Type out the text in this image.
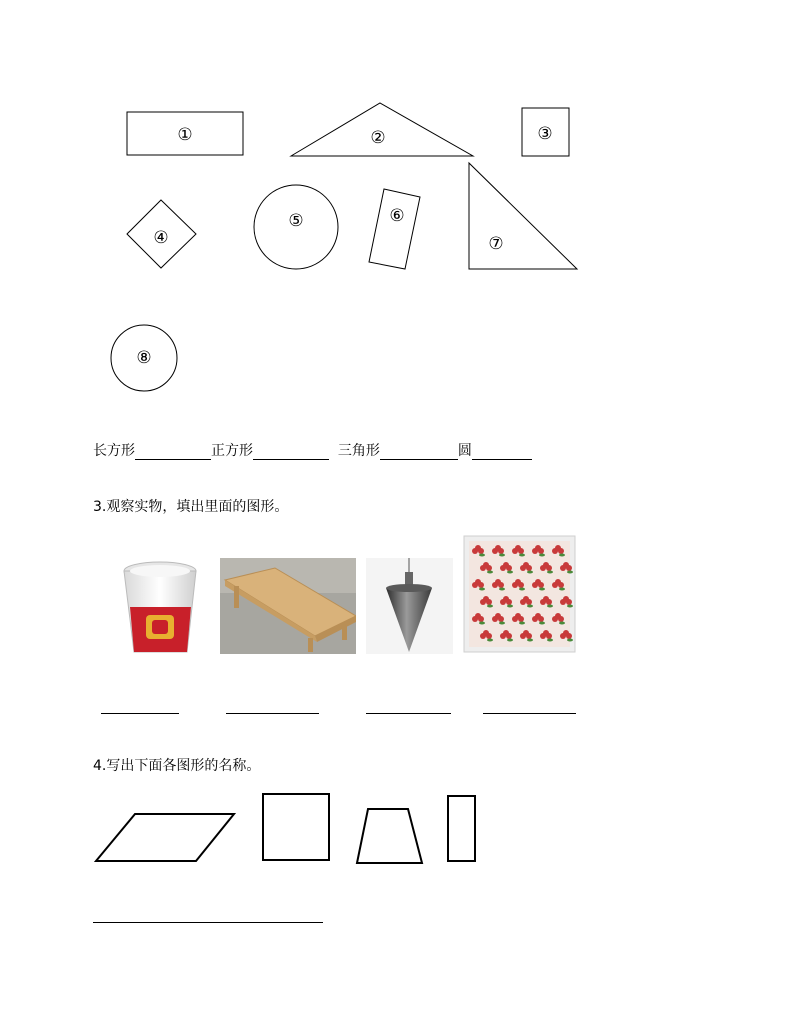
①	②	③
④
⑤	⑥
⑦
⑧
长方形	正方形	三角形	圆
3.观察实物，填出里面的图形。
4.写出下面各图形的名称。
